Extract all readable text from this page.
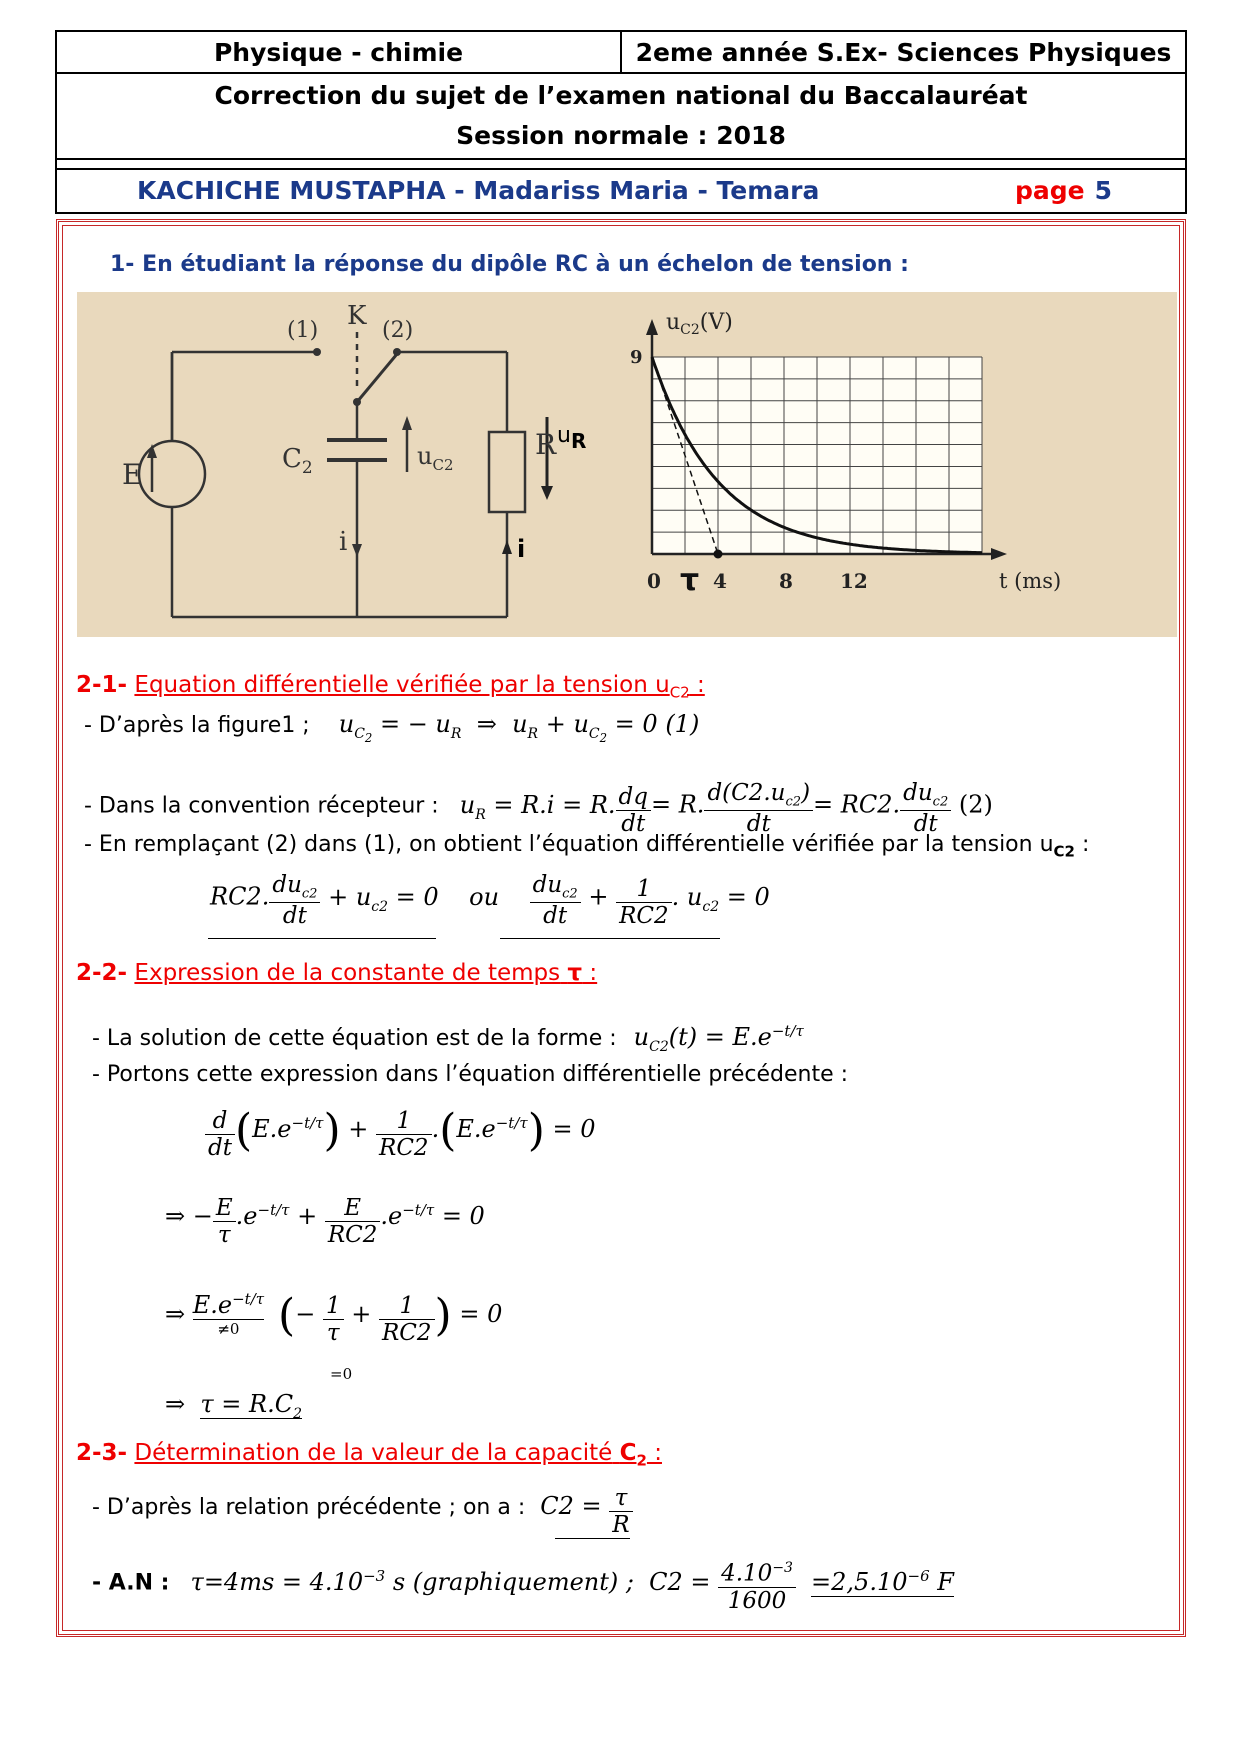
Physique - chimie	2eme année S.Ex- Sciences Physiques
Correction du sujet de l’examen national du Baccalauréat
Session normale : 2018
KACHICHE MUSTAPHA - Madariss Maria - Temara	page 5
1- En étudiant la réponse du dipôle RC à un échelon de tension :
K
(1)	(2)
E	$C_2$	$u_{C2}$
R
i
uR
i
$u_{C2}(V)$
9
0	4	8 12
τ	t (ms)
2-1- Equation différentielle vérifiée par la tension $u_{C2}$ :
- D’après la figure1 ; $u_{C_2}$ = − $u_R$  ⇒  $u_R + u_{C_2} = 0$ (1)
- Dans la convention récepteur : $u_R = R.i = R$. $\frac{dq}{dt} = R$. $\frac{d(C2.u_{c2})}{dt} = RC2$. $\frac{du_{c2}}{dt} (2)$
- En remplaçant (2) dans (1), on obtient l’équation différentielle vérifiée par la tension $u_{C2}$ :
RC2. $\frac{du_{c2}}{dt} + u_{c2} = 0$    ou $\frac{du_{c2}}{dt} + \frac{1}{RC2}$ . $u_{c2} = 0$
2-2- Expression de la constante de temps τ :
- La solution de cette équation est de la forme : $u_{C2}(t) = E.e^{-t/\tau}$
- Portons cette expression dans l’équation différentielle précédente :
$\frac{d}{dt} (E.e^{-t/\tau}) + \frac{1}{RC2} .(E.e^{-t/\tau}) = 0$
⇒ − $\frac{E}{\tau} .e^{-t/\tau} + \frac{E}{RC2} .e^{-t/\tau} = 0$
⇒ $E.e^{-t/\tau}$
≠0 (− $\frac{1}{\tau} + \frac{1}{RC2}$ ) = 0
=0
⇒  $\tau = R.C_2$
2-3- Détermination de la valeur de la capacité $C_2$ :
- D’après la relation précédente ; on a : $C2 = \frac{\tau}{R}$
- A.N : $\tau=4ms = 4.10^{-3}$ s (graphiquement) ; $C2 = \frac{4.10^{-3}}{1600} =2,5.10^{-6}$ F
